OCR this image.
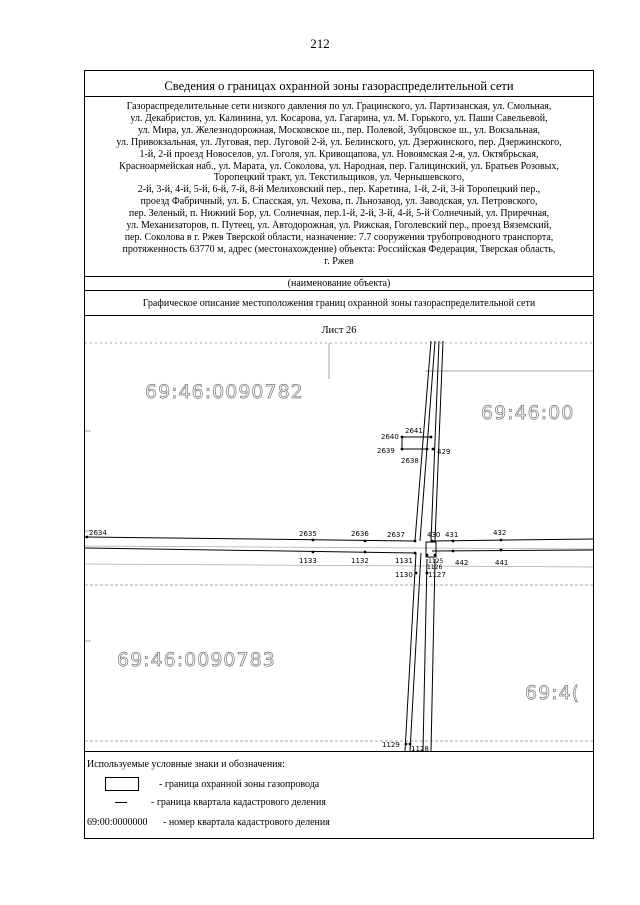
212
Сведения о границах охранной зоны газораспределительной сети
Газораспределительные сети низкого давления по ул. Грацинского, ул. Партизанская, ул. Смольная,
ул. Декабристов, ул. Калинина, ул. Косарова, ул. Гагарина, ул. М. Горького, ул. Паши Савельевой,
ул. Мира, ул. Железнодорожная, Московское ш., пер. Полевой, Зубцовское ш., ул. Вокзальная,
ул. Привокзальная, ул. Луговая, пер. Луговой 2-й, ул. Белинского, ул. Дзержинского, пер. Дзержинского,
1-й, 2-й проезд Новоселов, ул. Гоголя, ул. Кривощапова, ул. Новоямская 2-я, ул. Октябрьская,
Красноармейская наб., ул. Марата, ул. Соколова, ул. Народная, пер. Галицинский, ул. Братьев Розовых,
Торопецкий тракт, ул. Текстильщиков, ул. Чернышевского,
2-й, 3-й, 4-й, 5-й, 6-й, 7-й, 8-й Мелиховский пер., пер. Каретина, 1-й, 2-й, 3-й Торопецкий пер.,
проезд Фабричный, ул. Б. Спасская, ул. Чехова, п. Льнозавод, ул. Заводская, ул. Петровского,
пер. Зеленый, п. Нижний Бор, ул. Солнечная, пер.1-й, 2-й, 3-й, 4-й, 5-й Солнечный, ул. Приречная,
ул. Механизаторов, п. Путеец, ул. Автодорожная, ул. Рижская, Гоголевский пер., проезд Вяземский,
пер. Соколова в г. Ржев Тверской области, назначение: 7.7 сооружения трубопроводного транспорта,
протяженность 63770 м, адрес (местонахождение) объекта: Российская Федерация, Тверская область,
г. Ржев
(наименование объекта)
Графическое описание местоположения границ охранной зоны газораспределительной сети
Лист 26
69:46:0090782
69:46:00
69:46:0090783
69:4(
2634	2635	2636	2637	430 431	432
2640
2641
429
2639
2638
1133	1132	1131	1125
1126
442	441
1130 1127
1129 1128
Используемые условные знаки и обозначения:
- граница охранной зоны газопровода
- граница квартала кадастрового деления
69:00:0000000 - номер квартала кадастрового деления
